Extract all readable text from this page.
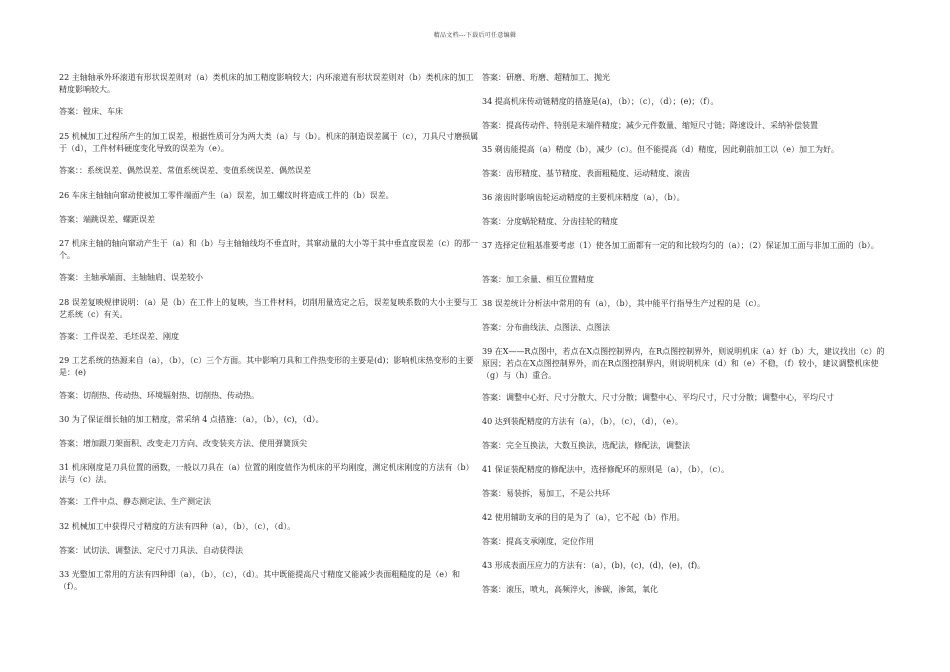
精品文档---下载后可任意编辑

22 主轴轴承外环滚道有形状误差则对（a）类机床的加工精度影响较大；内环滚道有形状误差则对（b）类机床的加工精度影响较大。

答案：镗床、车床

25 机械加工过程所产生的加工误差，根据性质可分为两大类（a）与（b）。机床的制造误差属于（c），刀具尺寸磨损属于（d），工件材料硬度变化导致的误差为（e）。

答案：：系统误差、偶然误差、常值系统误差、变值系统误差、偶然误差

26 车床主轴轴向窜动使被加工零件端面产生（a）误差，加工螺纹时将造成工件的（b）误差。

答案：端跳误差、螺距误差

27 机床主轴的轴向窜动产生于（a）和（b）与主轴轴线均不垂直时，其窜动量的大小等于其中垂直度误差（c）的那一个。

答案：主轴承端面、主轴轴肩、误差较小

28 误差复映规律说明：（a）是（b）在工件上的复映，当工件材料，切削用量选定之后，误差复映系数的大小主要与工艺系统（c）有关。

答案：工件误差、毛坯误差、刚度

29 工艺系统的热源来自（a），（b），（c）三个方面。其中影响刀具和工件热变形的主要是(d)；影响机床热变形的主要是：(e)

答案：切削热、传动热、环境辐射热、切削热、传动热。

30 为了保证细长轴的加工精度，常采纳 4 点措施：（a），（b），(c)，（d）。

答案：增加跟刀架面积、改变走刀方向、改变装夹方法、使用弹簧顶尖

31 机床刚度是刀具位置的函数，一般以刀具在（a）位置的刚度值作为机床的平均刚度，测定机床刚度的方法有（b）法与（c）法。

答案：工件中点、静态测定法、生产测定法

32 机械加工中获得尺寸精度的方法有四种（a），（b），（c），（d）。

答案：试切法、调整法、定尺寸刀具法、自动获得法

33 光整加工常用的方法有四种即（a），（b），（c），（d）。其中既能提高尺寸精度又能减少表面粗糙度的是（e）和（f）。

答案：研磨、珩磨、超精加工、抛光

34 提高机床传动链精度的措施是(a)，（b）；（c），（d）；(e)；（f）。

答案：提高传动件、特别是末端件精度；减少元件数量、缩短尺寸链；降速设计、采纳补偿装置

35 剃齿能提高（a）精度（b），减少（c）。但不能提高（d）精度，因此剃前加工以（e）加工为好。

答案：齿形精度、基节精度、表面粗糙度、运动精度、滚齿

36 滚齿时影响齿轮运动精度的主要机床精度（a），（b）。

答案：分度蜗轮精度、分齿挂轮的精度

37 选择定位粗基准要考虑（1）使各加工面都有一定的和比较均匀的（a）；（2）保证加工面与非加工面的（b）。

答案：加工余量、相互位置精度

38 误差统计分析法中常用的有（a），（b），其中能平行指导生产过程的是（c）。

答案：分布曲线法、点图法、点图法

39 在X——R点图中，若点在X点图控制界内，在R点图控制界外，则说明机床（a）好（b）大，建议找出（c）的原因；若点在X点图控制界外，而在R点图控制界内，则说明机床（d）和（e）不稳，（f）较小，建议调整机床使（g）与（h）重合。

答案：调整中心好、尺寸分散大、尺寸分散；调整中心、平均尺寸，尺寸分散；调整中心，平均尺寸

40 达到装配精度的方法有（a），（b），（c），（d），（e）。

答案：完全互换法，大数互换法，选配法，修配法，调整法

41 保证装配精度的修配法中，选择修配环的原则是（a），（b），（c）。

答案：易装拆，易加工，不是公共环

42 使用辅助支承的目的是为了（a），它不起（b）作用。

答案：提高支承刚度，定位作用

43 形成表面压应力的方法有：（a），(b)，(c)，(d)，(e)，(f)。

答案：滚压，喷丸，高频淬火，渗碳，渗氮，氧化
